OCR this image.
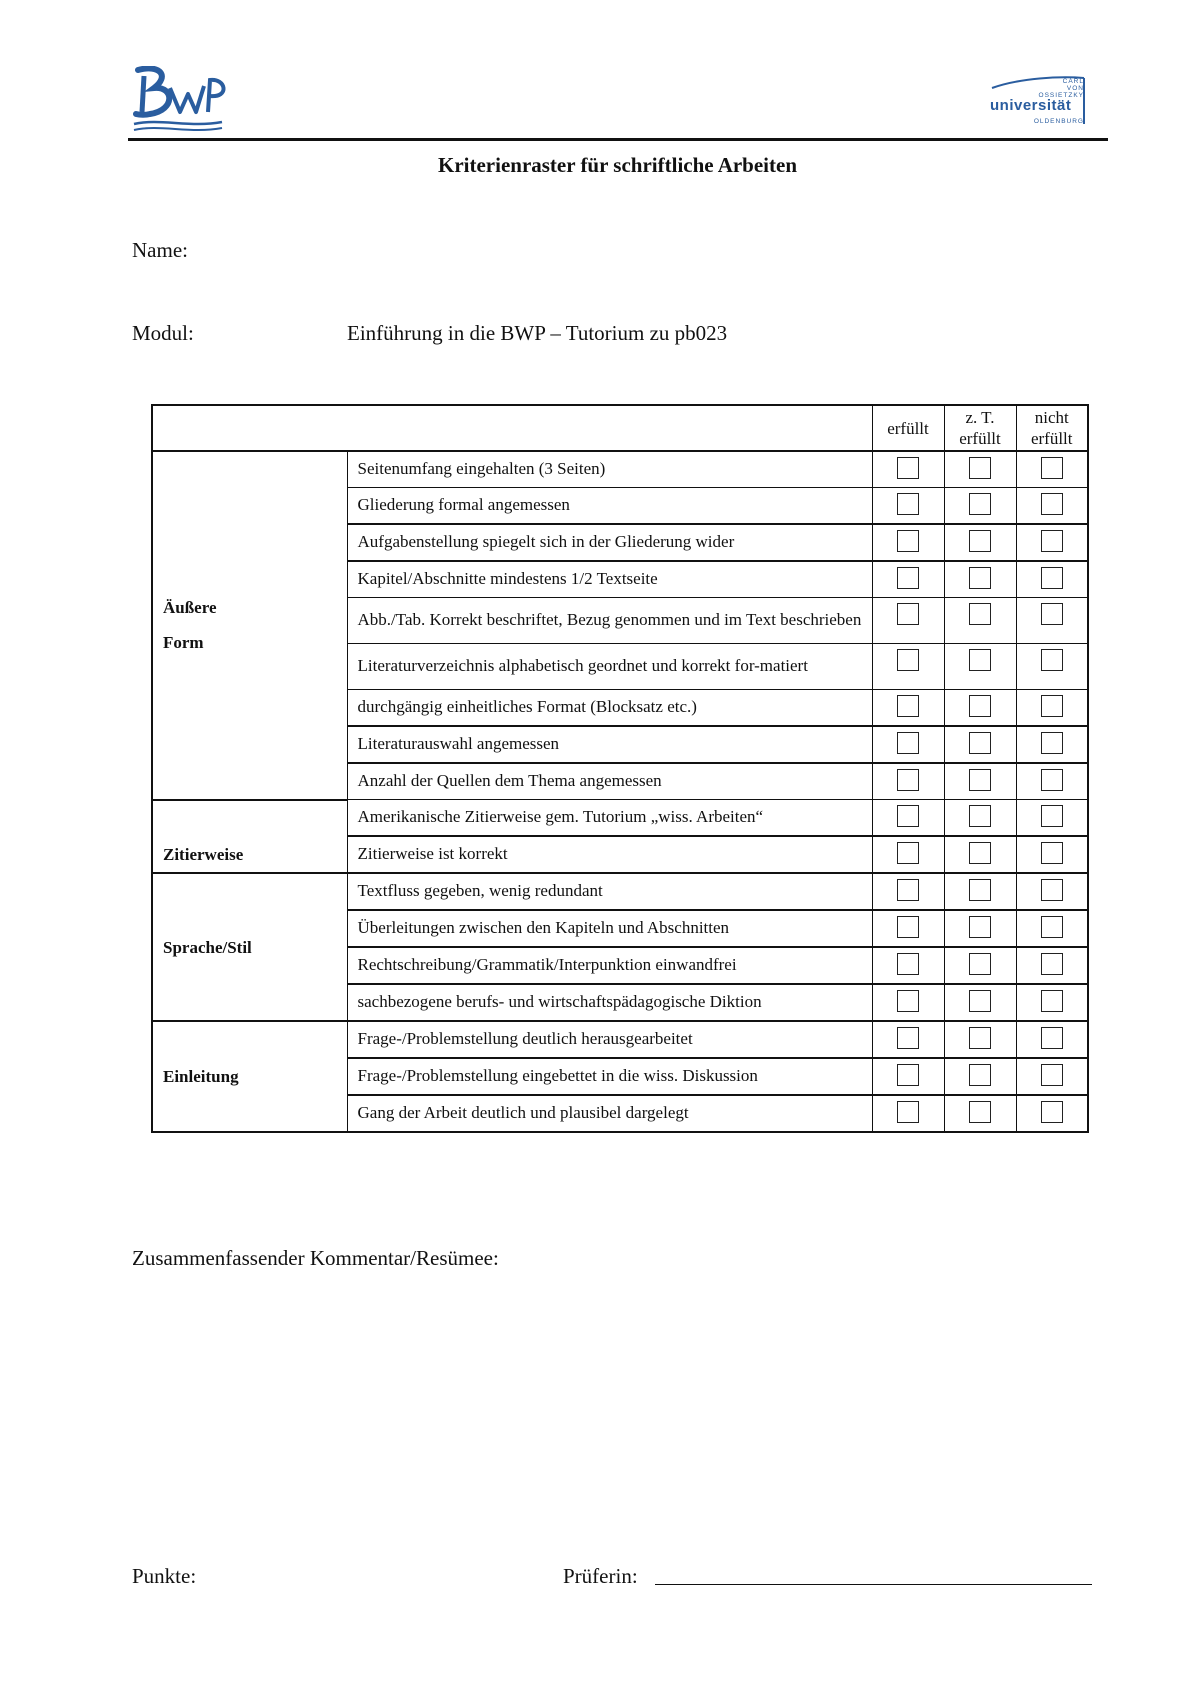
BWP
CARL
VON
OSSIETZKY
universität
OLDENBURG
Kriterienraster für schriftliche Arbeiten
Name:
Modul:	Einführung in die BWP – Tutorium zu pb023
		erfüllt	z. T. erfüllt	nicht erfüllt
Äußere Form	Seitenumfang eingehalten (3 Seiten)			
	Gliederung formal angemessen			
	Aufgabenstellung spiegelt sich in der Gliederung wider			
	Kapitel/Abschnitte mindestens 1/2 Textseite			
	Abb./Tab. Korrekt beschriftet, Bezug genommen und im Text beschrieben			
	Literaturverzeichnis alphabetisch geordnet und korrekt for-matiert			
	durchgängig einheitliches Format (Blocksatz etc.)			
	Literaturauswahl angemessen			
	Anzahl der Quellen dem Thema angemessen			
Zitierweise	Amerikanische Zitierweise gem. Tutorium „wiss. Arbeiten“			
	Zitierweise ist korrekt			
Sprache/Stil	Textfluss gegeben, wenig redundant			
	Überleitungen zwischen den Kapiteln und Abschnitten			
	Rechtschreibung/Grammatik/Interpunktion einwandfrei			
	sachbezogene berufs- und wirtschaftspädagogische Diktion			
Einleitung	Frage-/Problemstellung deutlich herausgearbeitet			
	Frage-/Problemstellung eingebettet in die wiss. Diskussion			
	Gang der Arbeit deutlich und plausibel dargelegt			
Zusammenfassender Kommentar/Resümee:
Punkte:	Prüferin:
